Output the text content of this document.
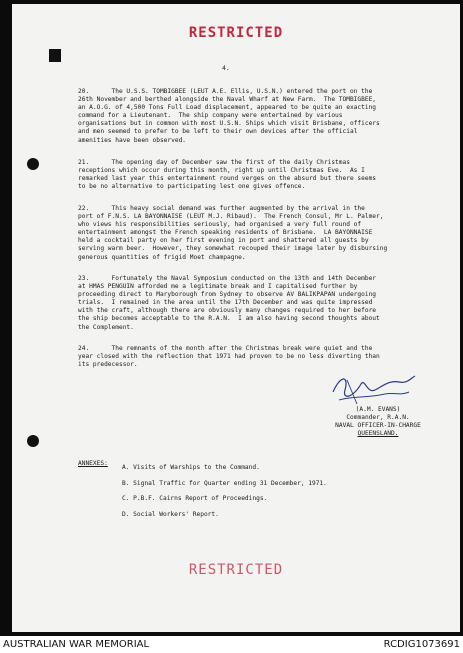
RESTRICTED
4.

20.      The U.S.S. TOMBIGBEE (LEUT A.E. Ellis, U.S.N.) entered the port on the
26th November and berthed alongside the Naval Wharf at New Farm.  The TOMBIGBEE,
an A.O.G. of 4,500 Tons Full Load displacement, appeared to be quite an exacting
command for a Lieutenant.  The ship company were entertained by various
organisations but in common with most U.S.N. Ships which visit Brisbane, officers
and men seemed to prefer to be left to their own devices after the official
amenities have been observed.

21.      The opening day of December saw the first of the daily Christmas
receptions which occur during this month, right up until Christmas Eve.  As I
remarked last year this entertainment round verges on the absurd but there seems
to be no alternative to participating lest one gives offence.

22.      This heavy social demand was further augmented by the arrival in the
port of F.N.S. LA BAYONNAISE (LEUT M.J. Ribaud).  The French Consul, Mr L. Palmer,
who views his responsibilities seriously, had organised a very full round of
entertainment amongst the French speaking residents of Brisbane.  LA BAYONNAISE
held a cocktail party on her first evening in port and shattered all guests by
serving warm beer.  However, they somewhat recouped their image later by disbursing
generous quantities of frigid Moet champagne.

23.      Fortunately the Naval Symposium conducted on the 13th and 14th December
at HMAS PENGUIN afforded me a legitimate break and I capitalised further by
proceeding direct to Maryborough from Sydney to observe AV BALIKPAPAN undergoing
trials.  I remained in the area until the 17th December and was quite impressed
with the craft, although there are obviously many changes required to her before
the ship becomes acceptable to the R.A.N.  I am also having second thoughts about
the Complement.

24.      The remnants of the month after the Christmas break were quiet and the
year closed with the reflection that 1971 had proven to be no less diverting than
its predecessor.

(A.M. EVANS)
Commander, R.A.N.
NAVAL OFFICER-IN-CHARGE
QUEENSLAND.
ANNEXES:
A. Visits of Warships to the Command.
B. Signal Traffic for Quarter ending 31 December, 1971.
C. P.B.F. Cairns Report of Proceedings.
D. Social Workers' Report.
RESTRICTED
AUSTRALIAN WAR MEMORIAL	RCDIG1073691
